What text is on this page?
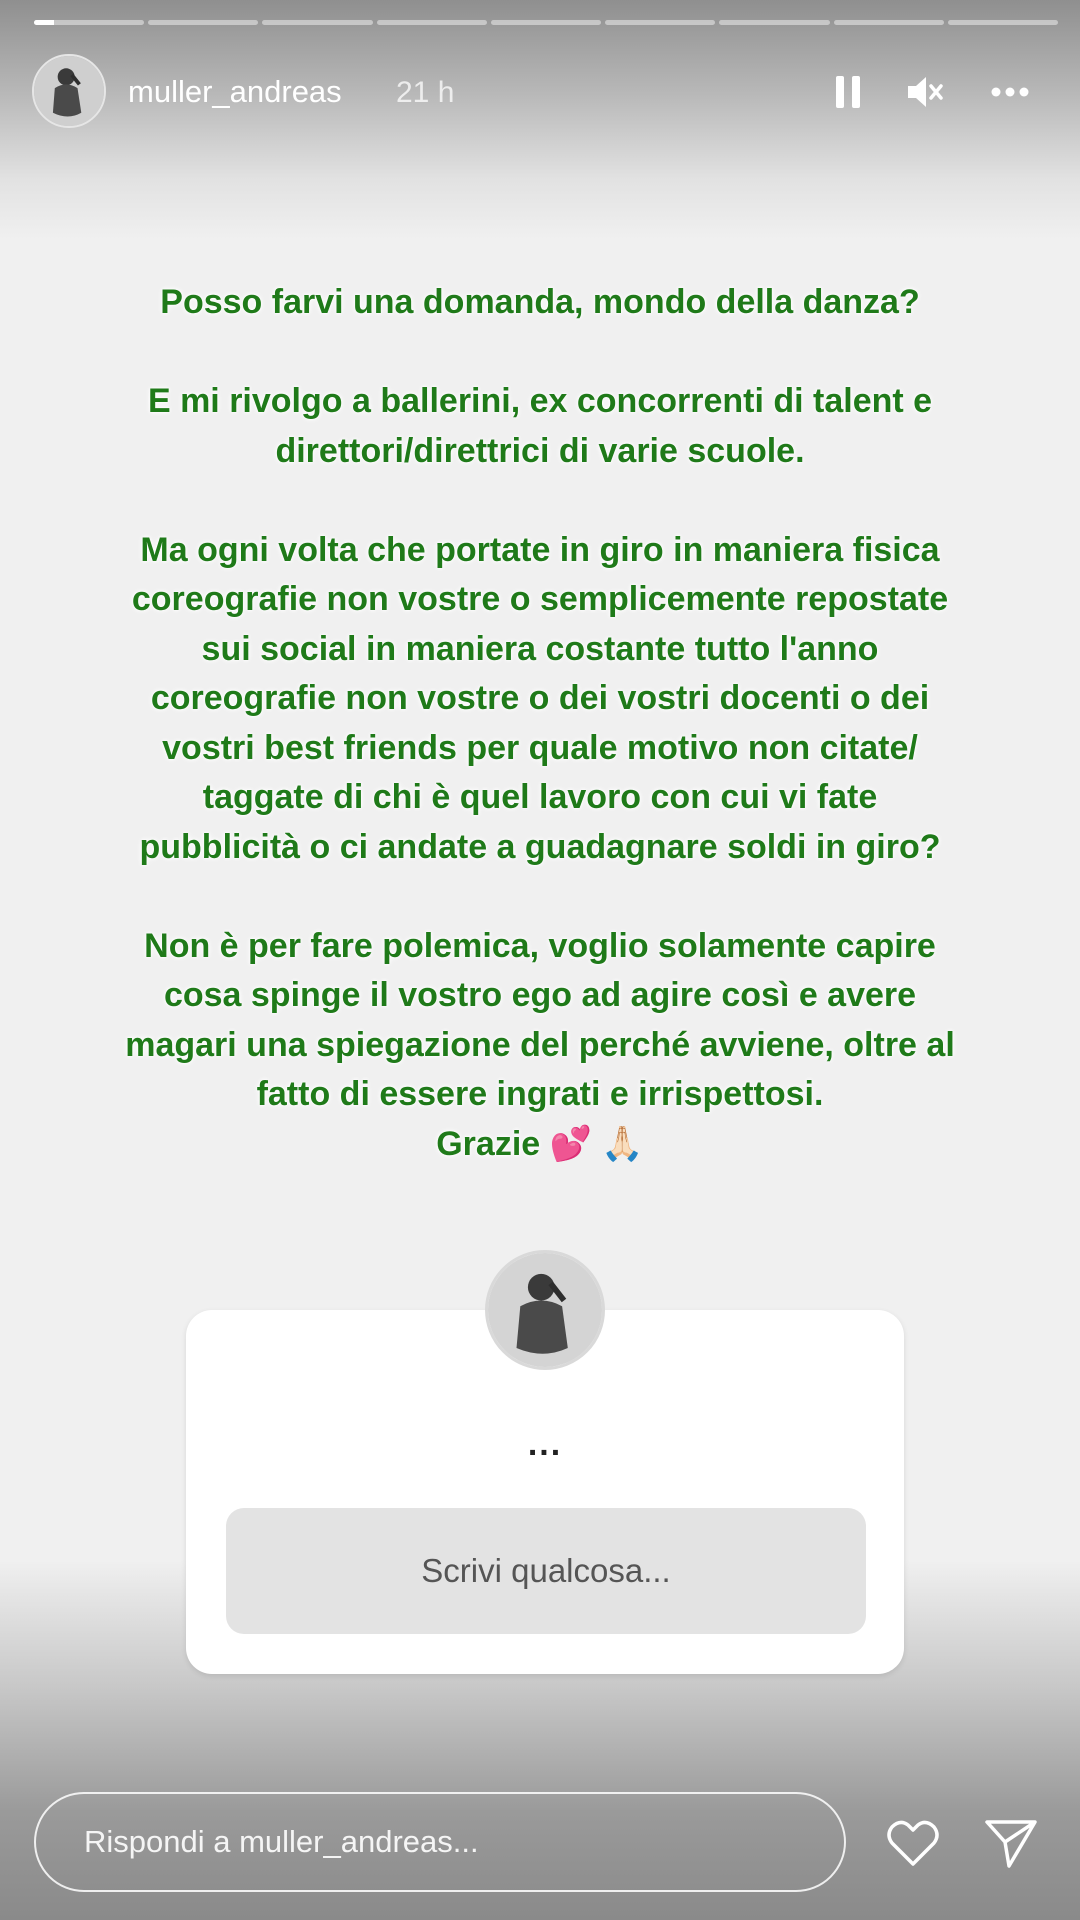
muller_andreas 21 h

Posso farvi una domanda, mondo della danza?

E mi rivolgo a ballerini, ex concorrenti di talent e

direttori/direttrici di varie scuole.

Ma ogni volta che portate in giro in maniera fisica

coreografie non vostre o semplicemente repostate

sui social in maniera costante tutto l'anno

coreografie non vostre o dei vostri docenti o dei

vostri best friends per quale motivo non citate/

taggate di chi è quel lavoro con cui vi fate

pubblicità o ci andate a guadagnare soldi in giro?

Non è per fare polemica, voglio solamente capire

cosa spinge il vostro ego ad agire così e avere

magari una spiegazione del perché avviene, oltre al

fatto di essere ingrati e irrispettosi.

Grazie 💕 🙏🏻

...
Scrivi qualcosa...
Rispondi a muller_andreas...
